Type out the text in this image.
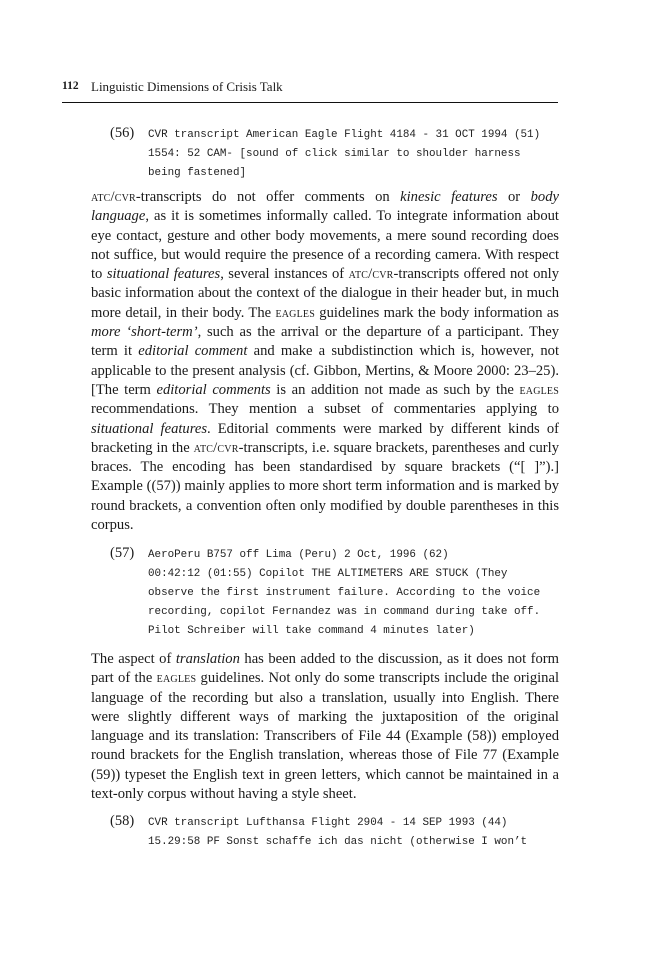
112 Linguistic Dimensions of Crisis Talk
(56) CVR transcript American Eagle Flight 4184 - 31 OCT 1994 (51)
1554: 52 CAM- [sound of click similar to shoulder harness
being fastened]

atc/cvr-transcripts do not offer comments on kinesic features or body language, as it is sometimes informally called. To integrate information about eye contact, gesture and other body movements, a mere sound recording does not suffice, but would require the presence of a recording camera. With respect to situational features, several instances of atc/cvr-transcripts offered not only basic information about the context of the dialogue in their header but, in much more detail, in their body. The eagles guidelines mark the body information as more ‘short-term’, such as the arrival or the departure of a participant. They term it editorial comment and make a subdistinction which is, however, not applicable to the present analysis (cf. Gibbon, Mertins, & Moore 2000: 23–25). [The term editorial comments is an addition not made as such by the eagles recommendations. They mention a subset of commentaries applying to situational features. Editorial comments were marked by different kinds of bracketing in the atc/cvr-transcripts, i.e. square brackets, parentheses and curly braces. The encoding has been standardised by square brackets (“[ ]”).] Example ((57)) mainly applies to more short term information and is marked by round brackets, a convention often only modified by double parentheses in this corpus.

(57) AeroPeru B757 off Lima (Peru) 2 Oct, 1996 (62)
00:42:12 (01:55) Copilot THE ALTIMETERS ARE STUCK (They
observe the first instrument failure. According to the voice
recording, copilot Fernandez was in command during take off.
Pilot Schreiber will take command 4 minutes later)

The aspect of translation has been added to the discussion, as it does not form part of the eagles guidelines. Not only do some transcripts include the original language of the recording but also a translation, usually into English. There were slightly different ways of marking the juxtaposition of the original language and its translation: Transcribers of File 44 (Example (58)) employed round brackets for the English translation, whereas those of File 77 (Example (59)) typeset the English text in green letters, which cannot be maintained in a text-only corpus without having a style sheet.

(58) CVR transcript Lufthansa Flight 2904 - 14 SEP 1993 (44)
15.29:58 PF Sonst schaffe ich das nicht (otherwise I won’t
